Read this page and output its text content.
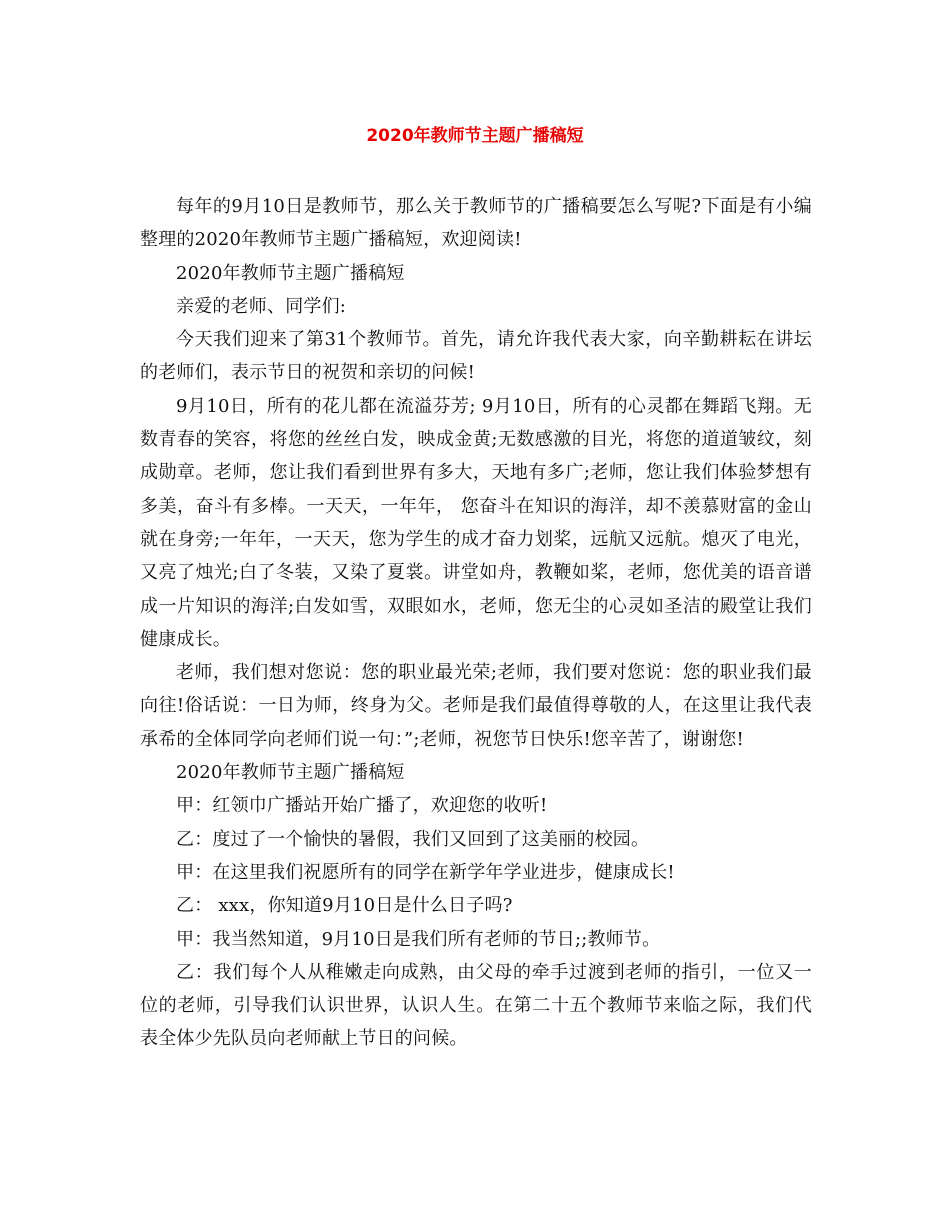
2020年教师节主题广播稿短

每年的9月10日是教师节，那么关于教师节的广播稿要怎么写呢?下面是有小编整理的2020年教师节主题广播稿短，欢迎阅读!

2020年教师节主题广播稿短

亲爱的老师、同学们:

今天我们迎来了第31个教师节。首先，请允许我代表大家，向辛勤耕耘在讲坛的老师们，表示节日的祝贺和亲切的问候!

9月10日，所有的花儿都在流溢芬芳; 9月10日，所有的心灵都在舞蹈飞翔。无数青春的笑容，将您的丝丝白发，映成金黄;无数感激的目光，将您的道道皱纹，刻成勋章。老师，您让我们看到世界有多大，天地有多广;老师，您让我们体验梦想有多美，奋斗有多棒。一天天，一年年， 您奋斗在知识的海洋，却不羡慕财富的金山就在身旁;一年年，一天天，您为学生的成才奋力划桨，远航又远航。熄灭了电光，又亮了烛光;白了冬装，又染了夏裳。讲堂如舟，教鞭如桨，老师，您优美的语音谱成一片知识的海洋;白发如雪，双眼如水，老师，您无尘的心灵如圣洁的殿堂让我们健康成长。

老师，我们想对您说：您的职业最光荣;老师，我们要对您说：您的职业我们最向往!俗话说：一日为师，终身为父。老师是我们最值得尊敬的人，在这里让我代表承希的全体同学向老师们说一句：”;老师，祝您节日快乐!您辛苦了，谢谢您!

2020年教师节主题广播稿短

甲：红领巾广播站开始广播了，欢迎您的收听!

乙：度过了一个愉快的暑假，我们又回到了这美丽的校园。

甲：在这里我们祝愿所有的同学在新学年学业进步，健康成长!

乙： xxx，你知道9月10日是什么日子吗?

甲：我当然知道，9月10日是我们所有老师的节日;;教师节。

乙：我们每个人从稚嫩走向成熟，由父母的牵手过渡到老师的指引，一位又一位的老师，引导我们认识世界，认识人生。在第二十五个教师节来临之际，我们代表全体少先队员向老师献上节日的问候。
